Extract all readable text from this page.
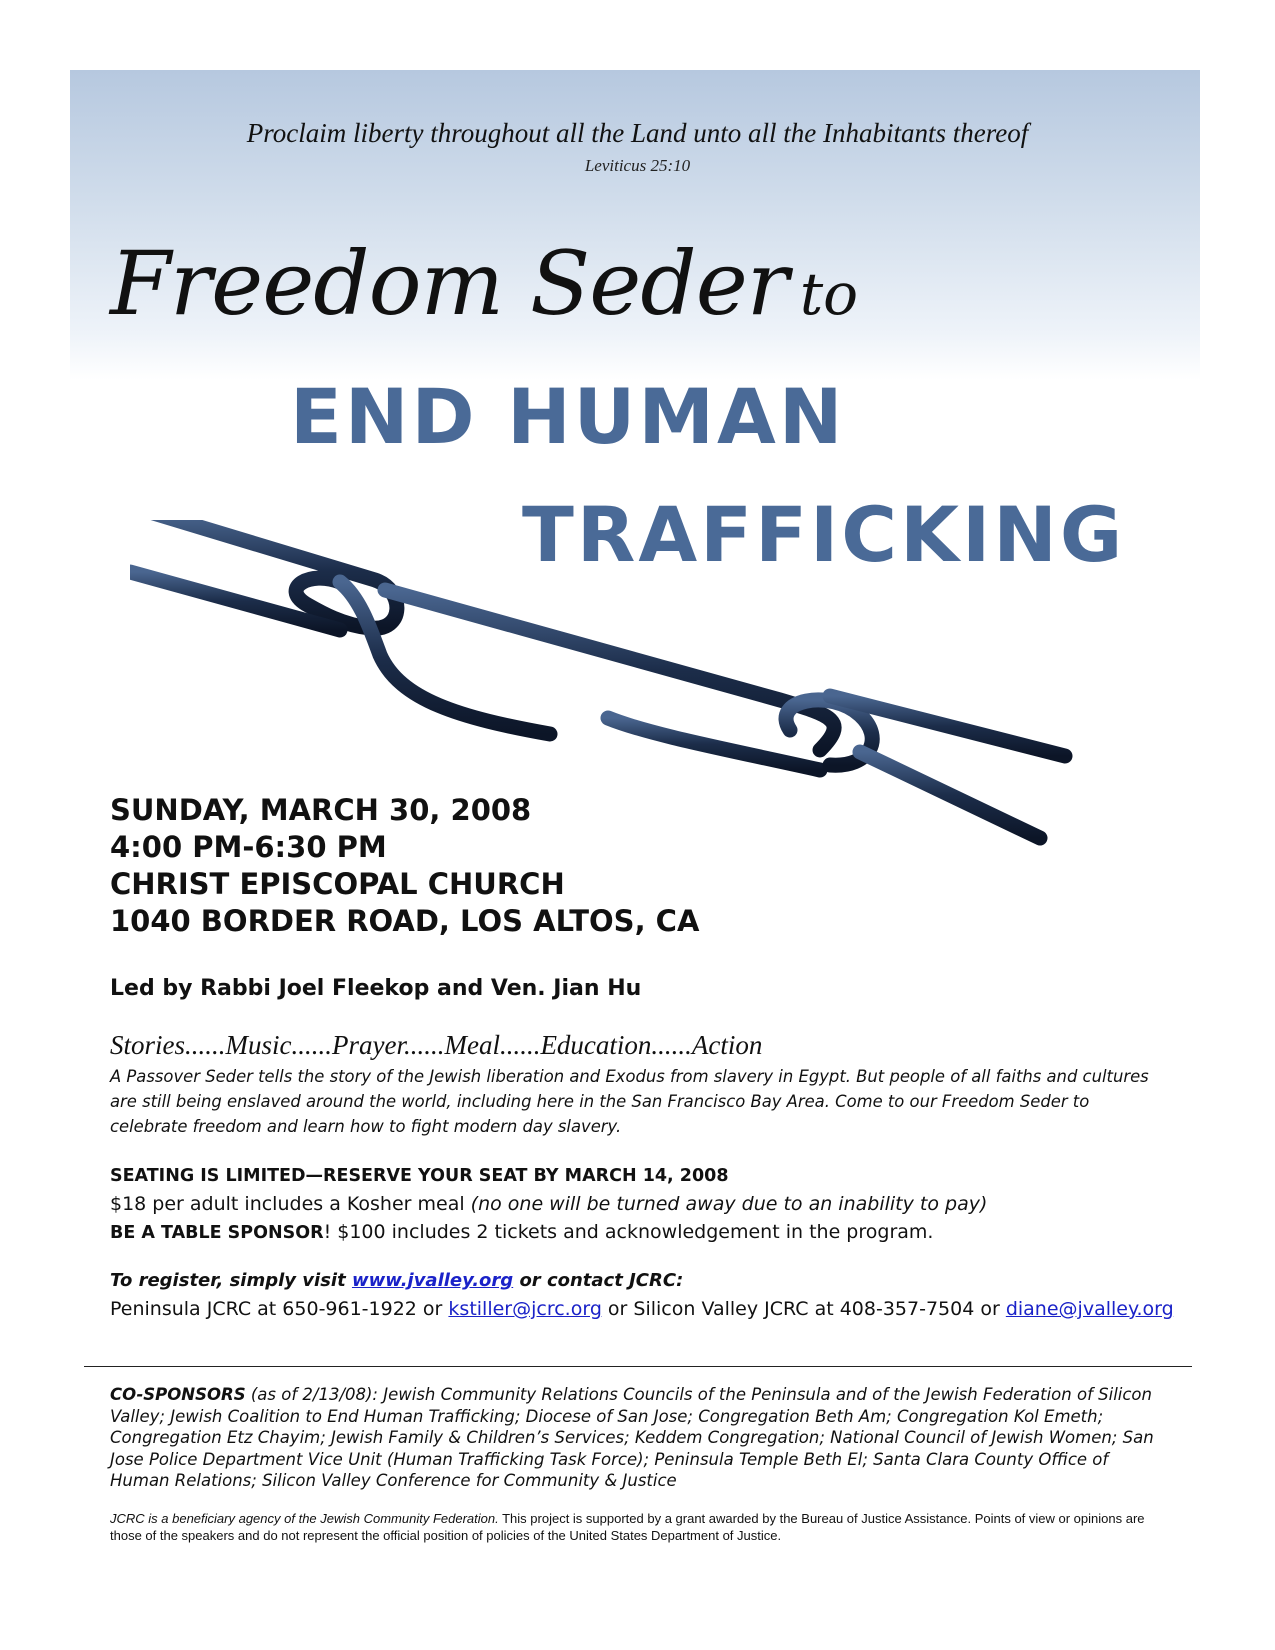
Proclaim liberty throughout all the Land unto all the Inhabitants thereof
Leviticus 25:10
Freedom Seder to
END HUMAN
TRAFFICKING
SUNDAY, MARCH 30, 2008
4:00 PM-6:30 PM
CHRIST EPISCOPAL CHURCH
1040 BORDER ROAD, LOS ALTOS, CA
Led by Rabbi Joel Fleekop and Ven. Jian Hu
Stories......Music......Prayer......Meal......Education......Action
A Passover Seder tells the story of the Jewish liberation and Exodus from slavery in Egypt. But people of all faiths and cultures are still being enslaved around the world, including here in the San Francisco Bay Area. Come to our Freedom Seder to celebrate freedom and learn how to fight modern day slavery.
SEATING IS LIMITED—RESERVE YOUR SEAT BY MARCH 14, 2008
$18 per adult includes a Kosher meal (no one will be turned away due to an inability to pay)
BE A TABLE SPONSOR! $100 includes 2 tickets and acknowledgement in the program.
To register, simply visit www.jvalley.org or contact JCRC:
Peninsula JCRC at 650-961-1922 or kstiller@jcrc.org or Silicon Valley JCRC at 408-357-7504 or diane@jvalley.org
CO-SPONSORS (as of 2/13/08): Jewish Community Relations Councils of the Peninsula and of the Jewish Federation of Silicon Valley; Jewish Coalition to End Human Trafficking; Diocese of San Jose; Congregation Beth Am; Congregation Kol Emeth; Congregation Etz Chayim; Jewish Family & Children’s Services; Keddem Congregation; National Council of Jewish Women; San Jose Police Department Vice Unit (Human Trafficking Task Force); Peninsula Temple Beth El; Santa Clara County Office of Human Relations; Silicon Valley Conference for Community & Justice
JCRC is a beneficiary agency of the Jewish Community Federation. This project is supported by a grant awarded by the Bureau of Justice Assistance. Points of view or opinions are those of the speakers and do not represent the official position of policies of the United States Department of Justice.
